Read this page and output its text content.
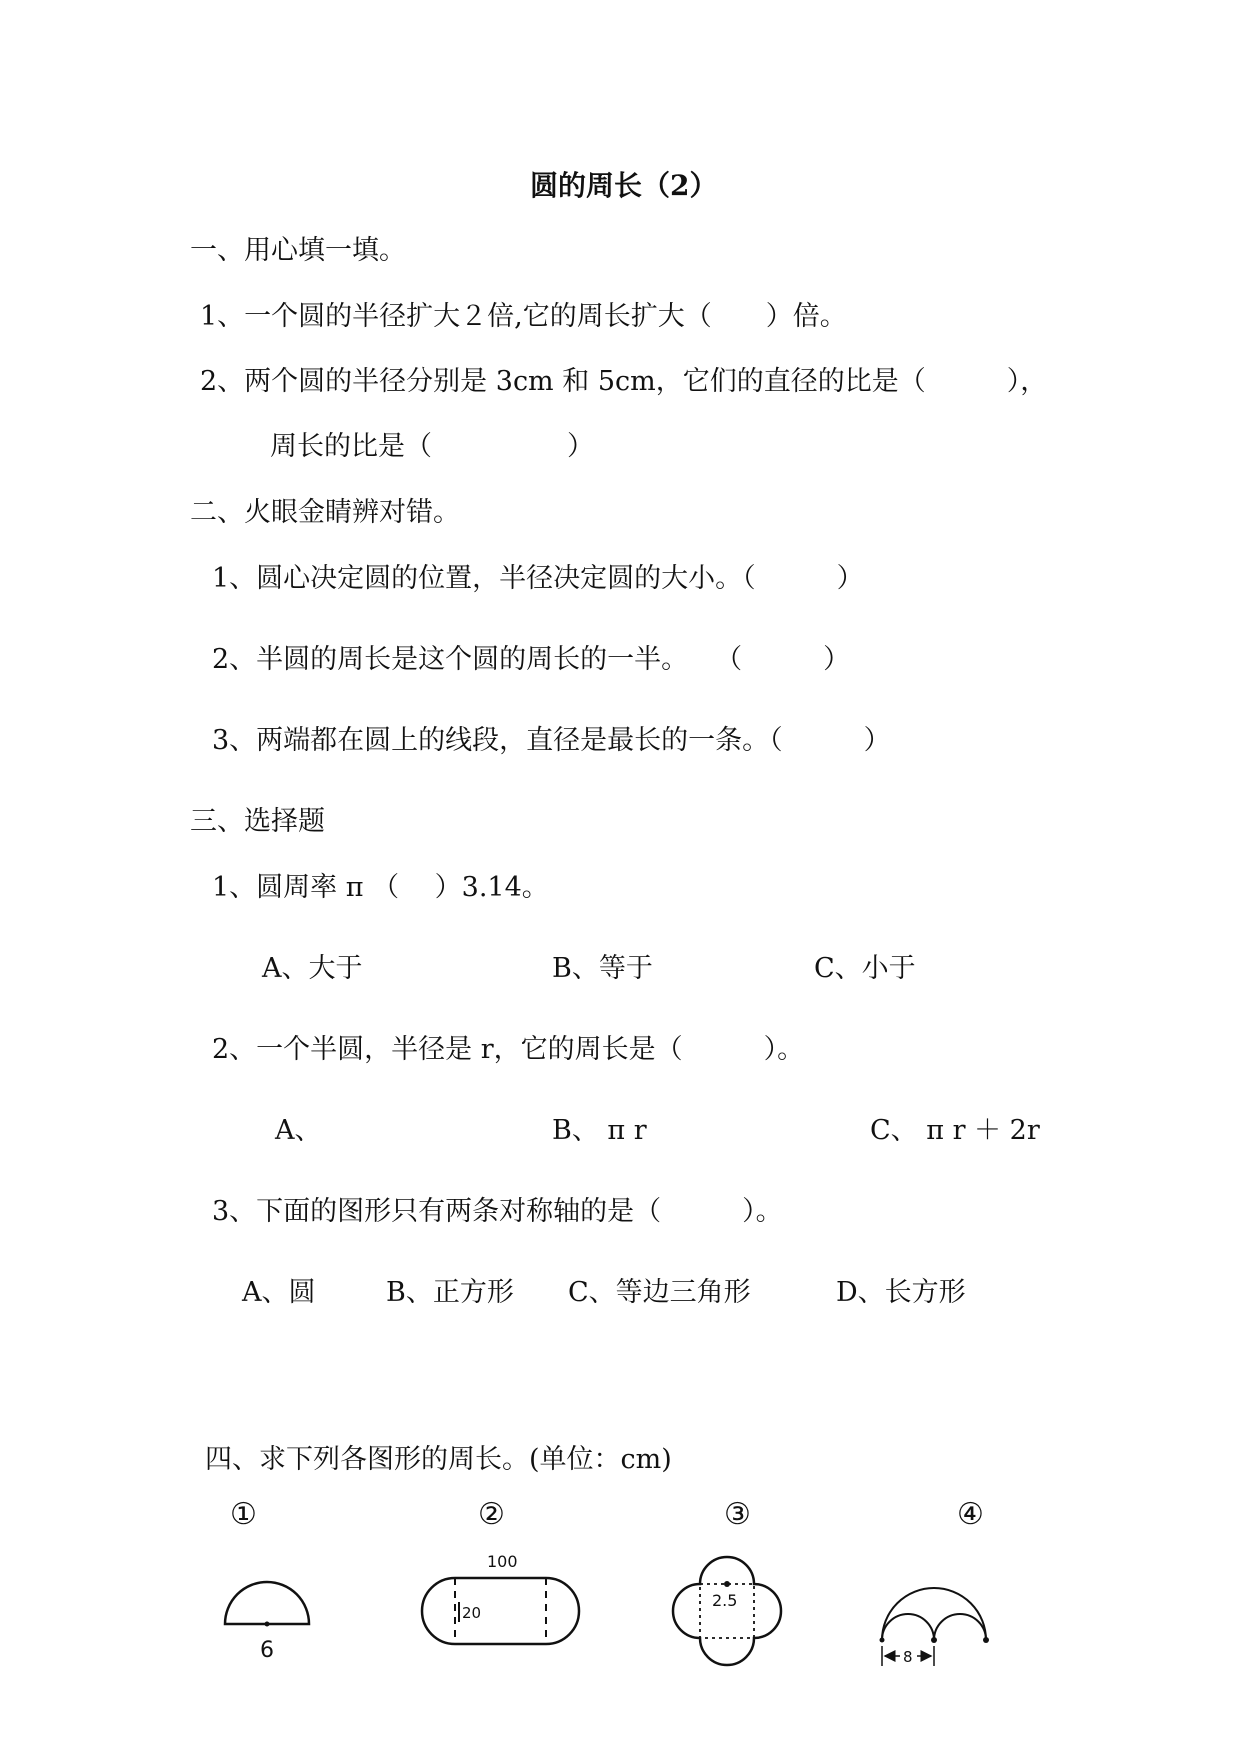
圆的周长（2）
一、用心填一填。
1、一个圆的半径扩大２倍,它的周长扩大（　　）倍。
2、两个圆的半径分别是 3cm 和 5cm，它们的直径的比是（　　　），
周长的比是（　　　　　）
二、火眼金睛辨对错。
1、圆心决定圆的位置，半径决定圆的大小。（　　　）
2、半圆的周长是这个圆的周长的一半。　　（　　　）
3、两端都在圆上的线段，直径是最长的一条。（　　　）
三、选择题
1、圆周率 π （　 ）3.14。
A、大于	B、等于	C、小于
2、一个半圆，半径是 r，它的周长是（　　　）。
A、	B、 π r	C、 π r ＋ 2r
3、下面的图形只有两条对称轴的是（　　　）。
A、圆	B、正方形 C、等边三角形	D、长方形
四、求下列各图形的周长。(单位：cm)
①	②	③	④
6
100
20
2.5
8
